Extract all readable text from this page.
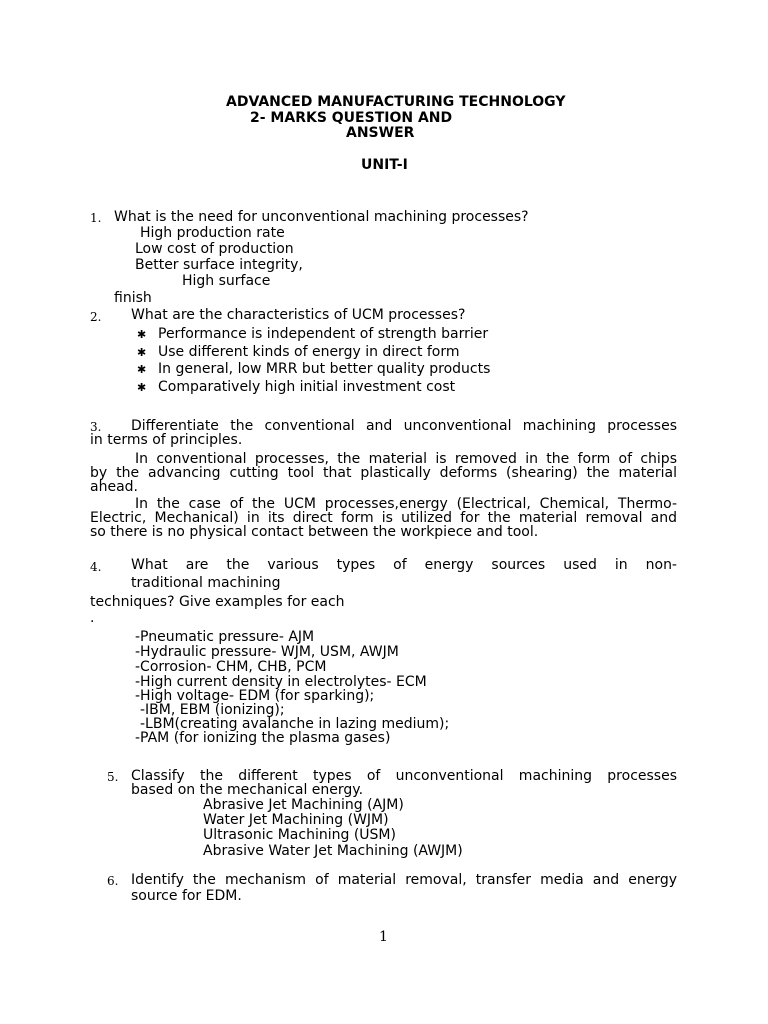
ADVANCED MANUFACTURING TECHNOLOGY
2- MARKS QUESTION AND
ANSWER
UNIT-I
1. What is the need for unconventional machining processes?
High production rate
Low cost of production
Better surface integrity,
High surface
finish
2. What are the characteristics of UCM processes?
✱ Performance is independent of strength barrier
✱ Use different kinds of energy in direct form
✱ In general, low MRR but better quality products
✱ Comparatively high initial investment cost
3. Differentiate the conventional and unconventional machining processes
in terms of principles.
In conventional processes, the material is removed in the form of chips
by the advancing cutting tool that plastically deforms (shearing) the material
ahead.
In the case of the UCM processes,energy (Electrical, Chemical, Thermo-
Electric, Mechanical) in its direct form is utilized for the material removal and
so there is no physical contact between the workpiece and tool.
4. What are the various types of energy sources used in non-
traditional machining
techniques? Give examples for each
.
-Pneumatic pressure- AJM
-Hydraulic pressure- WJM, USM, AWJM
-Corrosion- CHM, CHB, PCM
-High current density in electrolytes- ECM
-High voltage- EDM (for sparking);
-IBM, EBM (ionizing);
-LBM(creating avalanche in lazing medium);
-PAM (for ionizing the plasma gases)
5. Classify the different types of unconventional machining processes
based on the mechanical energy.
Abrasive Jet Machining (AJM)
Water Jet Machining (WJM)
Ultrasonic Machining (USM)
Abrasive Water Jet Machining (AWJM)
6. Identify the mechanism of material removal, transfer media and energy
source for EDM.
1
